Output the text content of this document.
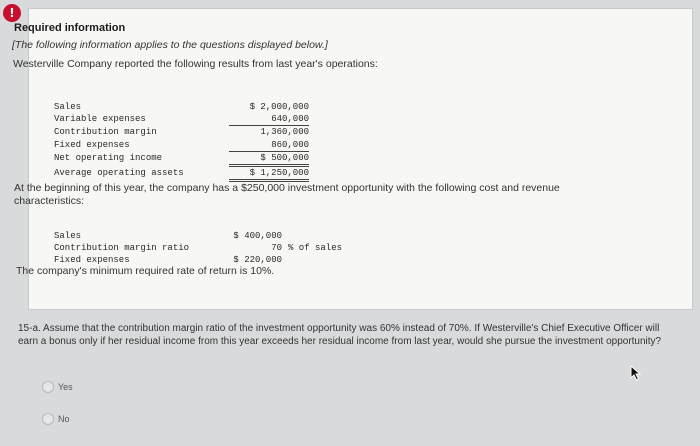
!
Required information
[The following information applies to the questions displayed below.]
Westerville Company reported the following results from last year's operations:
Sales	$ 2,000,000
Variable expenses	640,000
Contribution margin	1,360,000
Fixed expenses	860,000
Net operating income	$ 500,000
Average operating assets	$ 1,250,000
At the beginning of this year, the company has a $250,000 investment opportunity with the following cost and revenue characteristics:
Sales	$ 400,000	
Contribution margin ratio	70	% of sales
Fixed expenses	$ 220,000	
The company's minimum required rate of return is 10%.
15-a. Assume that the contribution margin ratio of the investment opportunity was 60% instead of 70%. If Westerville's Chief Executive Officer will earn a bonus only if her residual income from this year exceeds her residual income from last year, would she pursue the investment opportunity?
Yes
No
